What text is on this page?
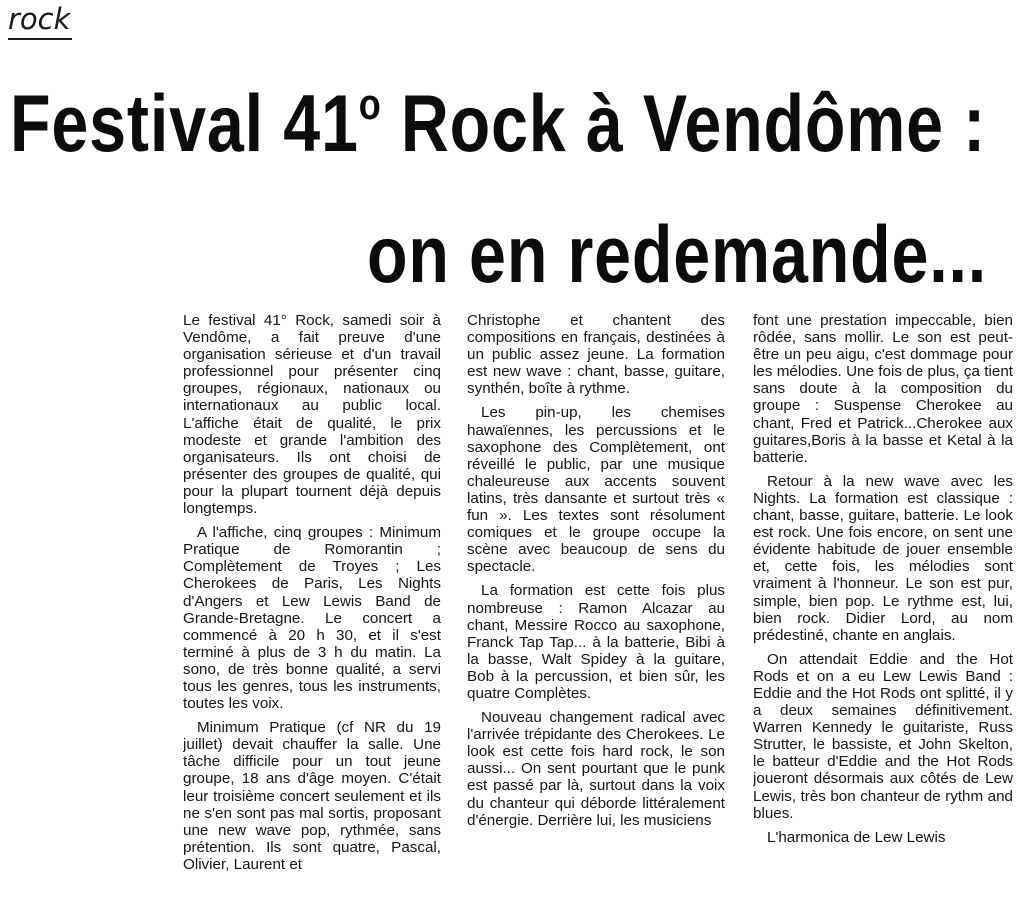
rock
Festival 41$^o$ Rock à Vendôme :
on en redemande...

Le festival 41° Rock, samedi soir à Vendôme, a fait preuve d'une organisation sérieuse et d'un travail professionnel pour présenter cinq groupes, régionaux, nationaux ou internationaux au public local. L'affiche était de qualité, le prix modeste et grande l'ambition des organisateurs. Ils ont choisi de présenter des groupes de qualité, qui pour la plupart tournent déjà depuis longtemps.

A l'affiche, cinq groupes : Minimum Pratique de Romorantin ; Complètement de Troyes ; Les Cherokees de Paris, Les Nights d'Angers et Lew Lewis Band de Grande-Bretagne. Le concert a commencé à 20 h 30, et il s'est terminé à plus de 3 h du matin. La sono, de très bonne qualité, a servi tous les genres, tous les instruments, toutes les voix.

Minimum Pratique (cf NR du 19 juillet) devait chauffer la salle. Une tâche difficile pour un tout jeune groupe, 18 ans d'âge moyen. C'était leur troisième concert seulement et ils ne s'en sont pas mal sortis, proposant une new wave pop, rythmée, sans prétention. Ils sont quatre, Pascal, Olivier, Laurent et

Christophe et chantent des compositions en français, destinées à un public assez jeune. La formation est new wave : chant, basse, guitare, synthén, boîte à rythme.

Les pin-up, les chemises hawaïennes, les percussions et le saxophone des Complètement, ont réveillé le public, par une musique chaleureuse aux accents souvent latins, très dansante et surtout très « fun ». Les textes sont résolument comiques et le groupe occupe la scène avec beaucoup de sens du spectacle.

La formation est cette fois plus nombreuse : Ramon Alcazar au chant, Messire Rocco au saxophone, Franck Tap Tap... à la batterie, Bibi à la basse, Walt Spidey à la guitare, Bob à la percussion, et bien sûr, les quatre Complètes.

Nouveau changement radical avec l'arrivée trépidante des Cherokees. Le look est cette fois hard rock, le son aussi... On sent pourtant que le punk est passé par là, surtout dans la voix du chanteur qui déborde littéralement d'énergie. Derrière lui, les musiciens

font une prestation impeccable, bien rôdée, sans mollir. Le son est peut-être un peu aigu, c'est dommage pour les mélodies. Une fois de plus, ça tient sans doute à la composition du groupe : Suspense Cherokee au chant, Fred et Patrick...Cherokee aux guitares,Boris à la basse et Ketal à la batterie.

Retour à la new wave avec les Nights. La formation est classique : chant, basse, guitare, batterie. Le look est rock. Une fois encore, on sent une évidente habitude de jouer ensemble et, cette fois, les mélodies sont vraiment à l'honneur. Le son est pur, simple, bien pop. Le rythme est, lui, bien rock. Didier Lord, au nom prédestiné, chante en anglais.

On attendait Eddie and the Hot Rods et on a eu Lew Lewis Band : Eddie and the Hot Rods ont splitté, il y a deux semaines définitivement. Warren Kennedy le guitariste, Russ Strutter, le bassiste, et John Skelton, le batteur d'Eddie and the Hot Rods joueront désormais aux côtés de Lew Lewis, très bon chanteur de rythm and blues.

L'harmonica de Lew Lewis
